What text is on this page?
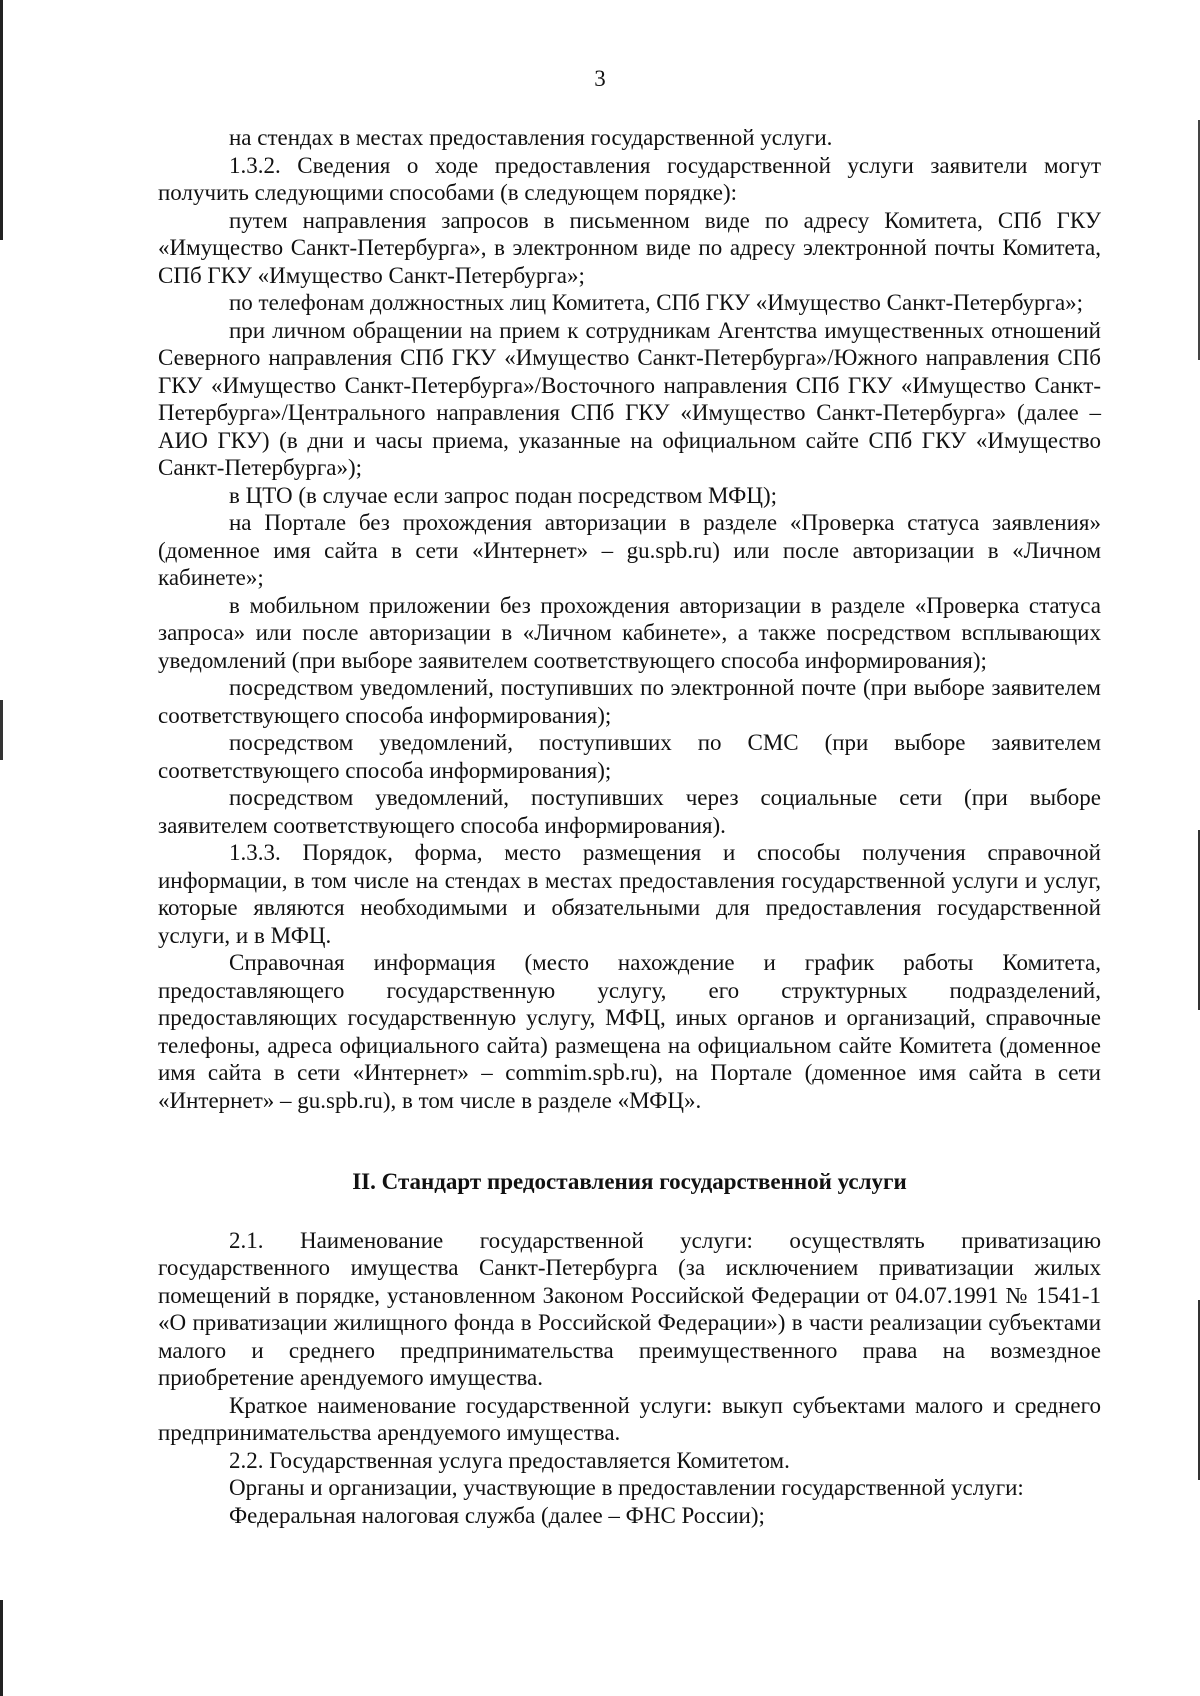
3

на стендах в местах предоставления государственной услуги.

1.3.2. Сведения о ходе предоставления государственной услуги заявители могут получить следующими способами (в следующем порядке):

путем направления запросов в письменном виде по адресу Комитета, СПб ГКУ «Имущество Санкт-Петербурга», в электронном виде по адресу электронной почты Комитета, СПб ГКУ «Имущество Санкт-Петербурга»;

по телефонам должностных лиц Комитета, СПб ГКУ «Имущество Санкт-Петербурга»;

при личном обращении на прием к сотрудникам Агентства имущественных отношений Северного направления СПб ГКУ «Имущество Санкт-Петербурга»/Южного направления СПб ГКУ «Имущество Санкт-Петербурга»/Восточного направления СПб ГКУ «Имущество Санкт-Петербурга»/Центрального направления СПб ГКУ «Имущество Санкт-Петербурга» (далее – АИО ГКУ) (в дни и часы приема, указанные на официальном сайте СПб ГКУ «Имущество Санкт-Петербурга»);

в ЦТО (в случае если запрос подан посредством МФЦ);

на Портале без прохождения авторизации в разделе «Проверка статуса заявления» (доменное имя сайта в сети «Интернет» – gu.spb.ru) или после авторизации в «Личном кабинете»;

в мобильном приложении без прохождения авторизации в разделе «Проверка статуса запроса» или после авторизации в «Личном кабинете», а также посредством всплывающих уведомлений (при выборе заявителем соответствующего способа информирования);

посредством уведомлений, поступивших по электронной почте (при выборе заявителем соответствующего способа информирования);

посредством уведомлений, поступивших по СМС (при выборе заявителем соответствующего способа информирования);

посредством уведомлений, поступивших через социальные сети (при выборе заявителем соответствующего способа информирования).

1.3.3. Порядок, форма, место размещения и способы получения справочной информации, в том числе на стендах в местах предоставления государственной услуги и услуг, которые являются необходимыми и обязательными для предоставления государственной услуги, и в МФЦ.

Справочная информация (место нахождение и график работы Комитета, предоставляющего государственную услугу, его структурных подразделений, предоставляющих государственную услугу, МФЦ, иных органов и организаций, справочные телефоны, адреса официального сайта) размещена на официальном сайте Комитета (доменное имя сайта в сети «Интернет» – commim.spb.ru), на Портале (доменное имя сайта в сети «Интернет» – gu.spb.ru), в том числе в разделе «МФЦ».

II. Стандарт предоставления государственной услуги

2.1. Наименование государственной услуги: осуществлять приватизацию государственного имущества Санкт-Петербурга (за исключением приватизации жилых помещений в порядке, установленном Законом Российской Федерации от 04.07.1991 № 1541-1 «О приватизации жилищного фонда в Российской Федерации») в части реализации субъектами малого и среднего предпринимательства преимущественного права на возмездное приобретение арендуемого имущества.

Краткое наименование государственной услуги: выкуп субъектами малого и среднего предпринимательства арендуемого имущества.

2.2. Государственная услуга предоставляется Комитетом.

Органы и организации, участвующие в предоставлении государственной услуги:

Федеральная налоговая служба (далее – ФНС России);
